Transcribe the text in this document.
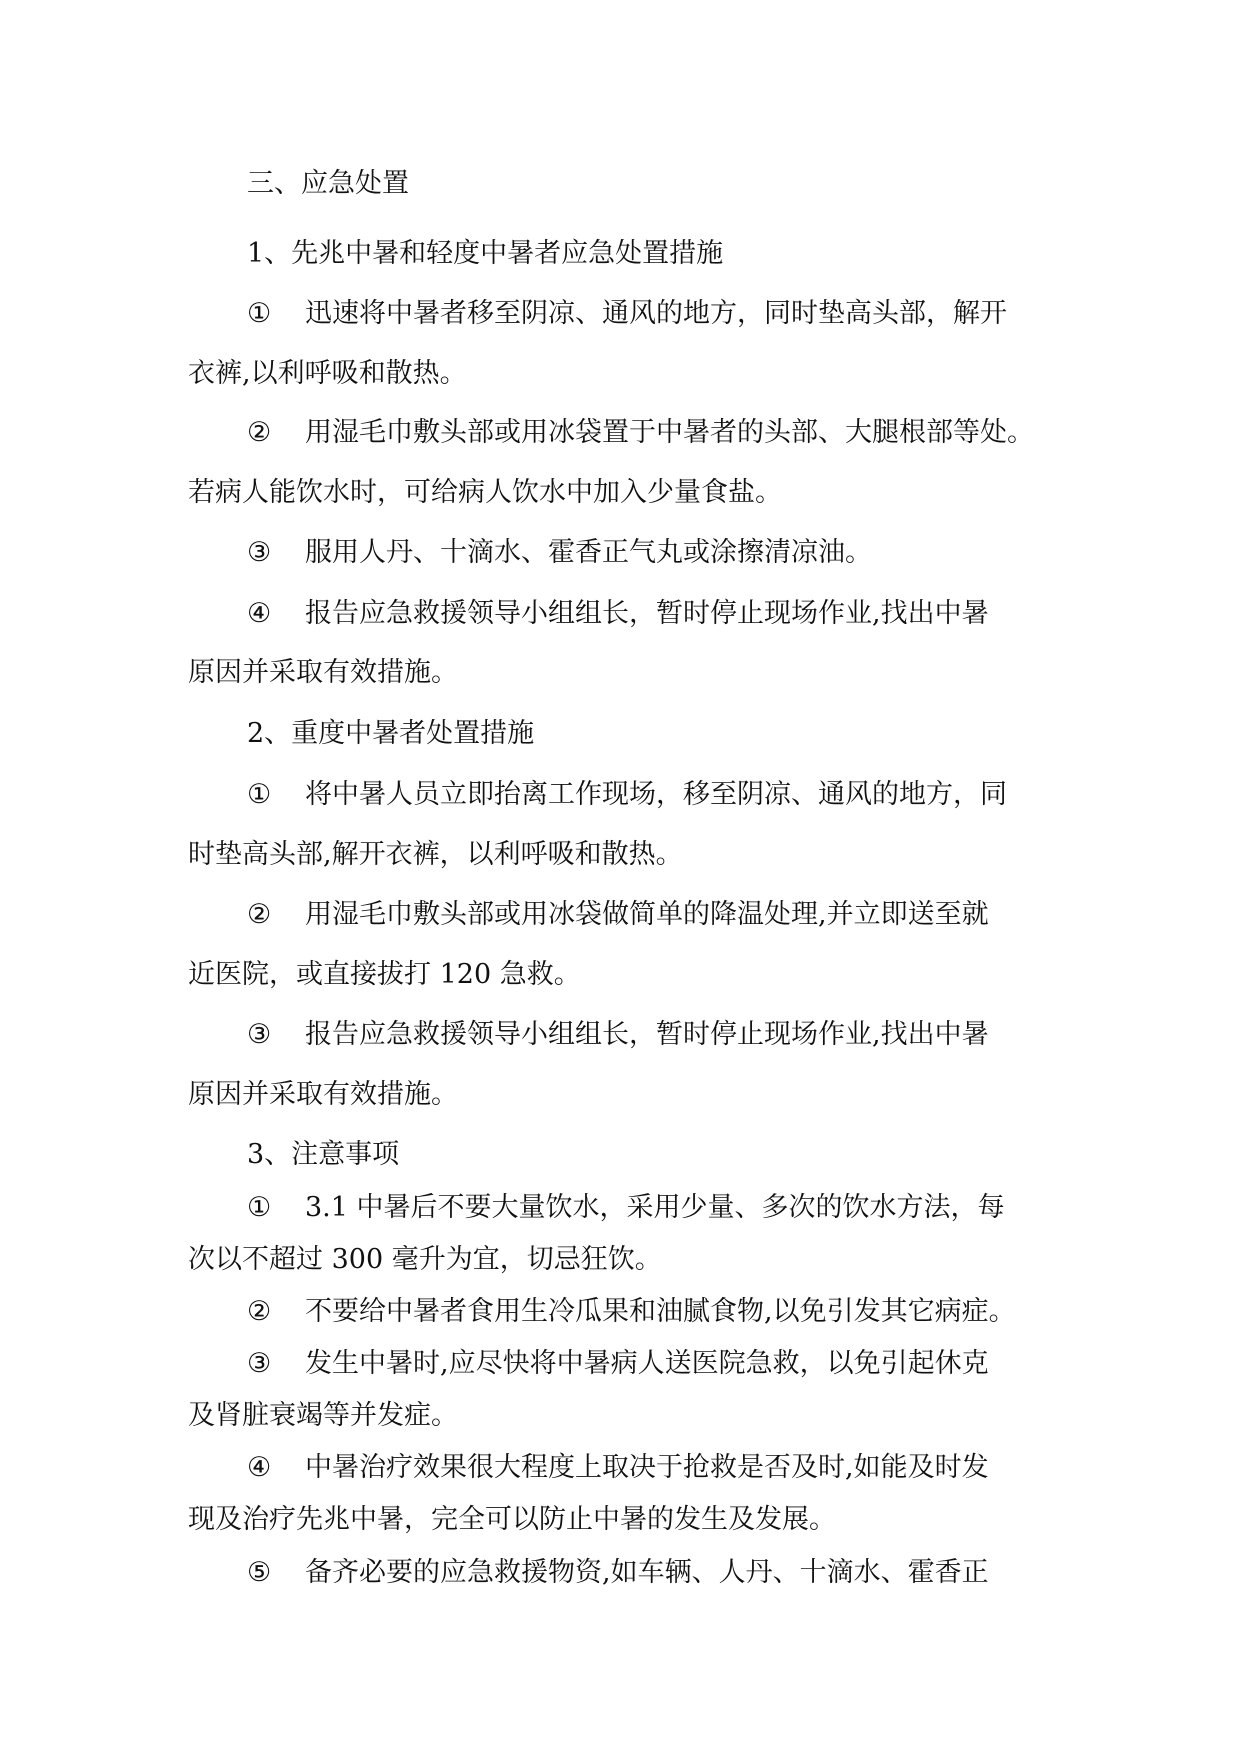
三、应急处置

1、先兆中暑和轻度中暑者应急处置措施

① 迅速将中暑者移至阴凉、通风的地方，同时垫高头部，解开

衣裤,以利呼吸和散热。

② 用湿毛巾敷头部或用冰袋置于中暑者的头部、大腿根部等处。

若病人能饮水时，可给病人饮水中加入少量食盐。

③ 服用人丹、十滴水、霍香正气丸或涂擦清凉油。

④ 报告应急救援领导小组组长，暂时停止现场作业,找出中暑

原因并采取有效措施。

2、重度中暑者处置措施

① 将中暑人员立即抬离工作现场，移至阴凉、通风的地方，同

时垫高头部,解开衣裤，以利呼吸和散热。

② 用湿毛巾敷头部或用冰袋做简单的降温处理,并立即送至就

近医院，或直接拔打 120 急救。

③ 报告应急救援领导小组组长，暂时停止现场作业,找出中暑

原因并采取有效措施。

3、注意事项

① 3.1 中暑后不要大量饮水，采用少量、多次的饮水方法，每

次以不超过 300 毫升为宜，切忌狂饮。

② 不要给中暑者食用生冷瓜果和油腻食物,以免引发其它病症。

③ 发生中暑时,应尽快将中暑病人送医院急救，以免引起休克

及肾脏衰竭等并发症。

④ 中暑治疗效果很大程度上取决于抢救是否及时,如能及时发

现及治疗先兆中暑，完全可以防止中暑的发生及发展。

⑤ 备齐必要的应急救援物资,如车辆、人丹、十滴水、霍香正
